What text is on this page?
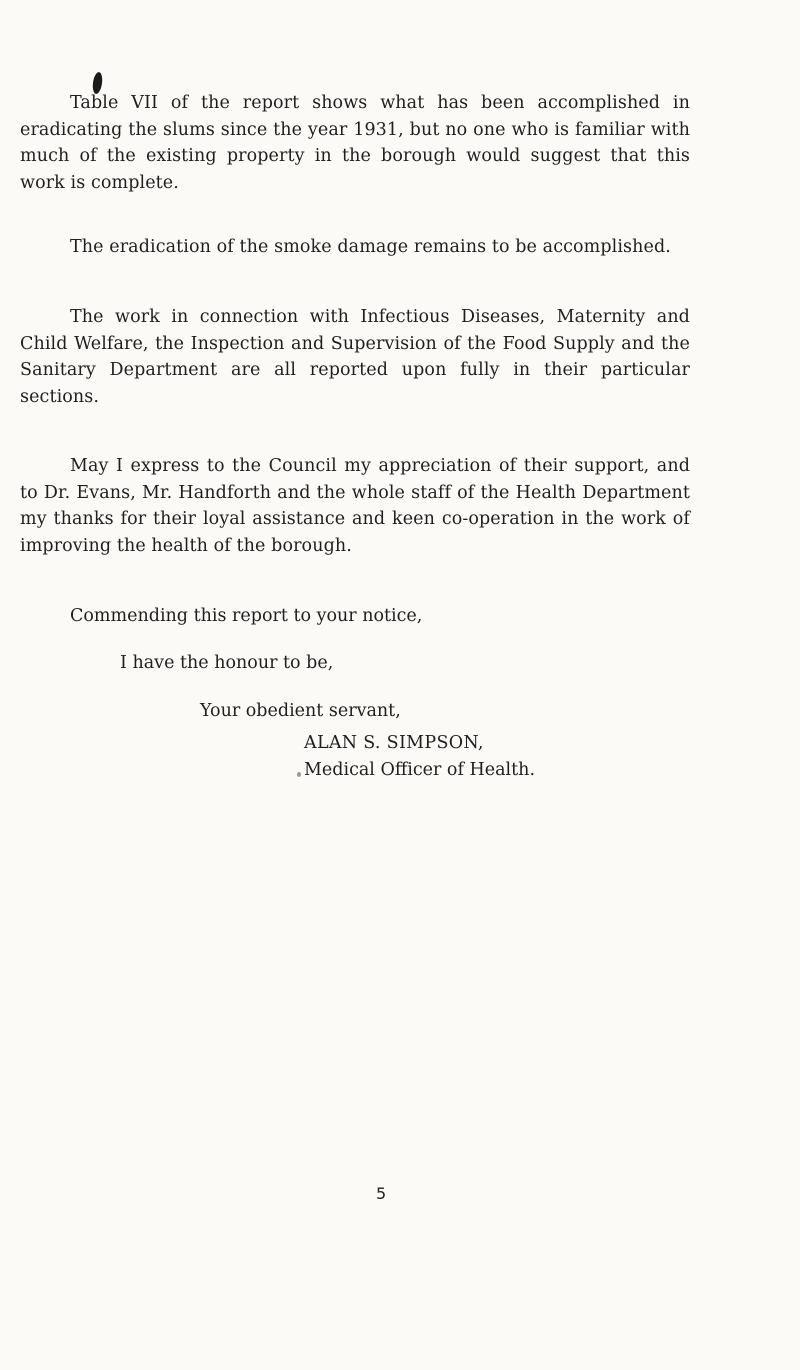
Table VII of the report shows what has been accomplished in eradicating the slums since the year 1931, but no one who is familiar with much of the existing property in the borough would suggest that this work is complete.

The eradication of the smoke damage remains to be accomplished.

The work in connection with Infectious Diseases, Maternity and Child Welfare, the Inspection and Supervision of the Food Supply and the Sanitary Department are all reported upon fully in their particular sections.

May I express to the Council my appreciation of their support, and to Dr. Evans, Mr. Handforth and the whole staff of the Health Department my thanks for their loyal assistance and keen co-operation in the work of improving the health of the borough.

Commending this report to your notice,

I have the honour to be,

Your obedient servant,

ALAN S. SIMPSON,

Medical Officer of Health.

5
